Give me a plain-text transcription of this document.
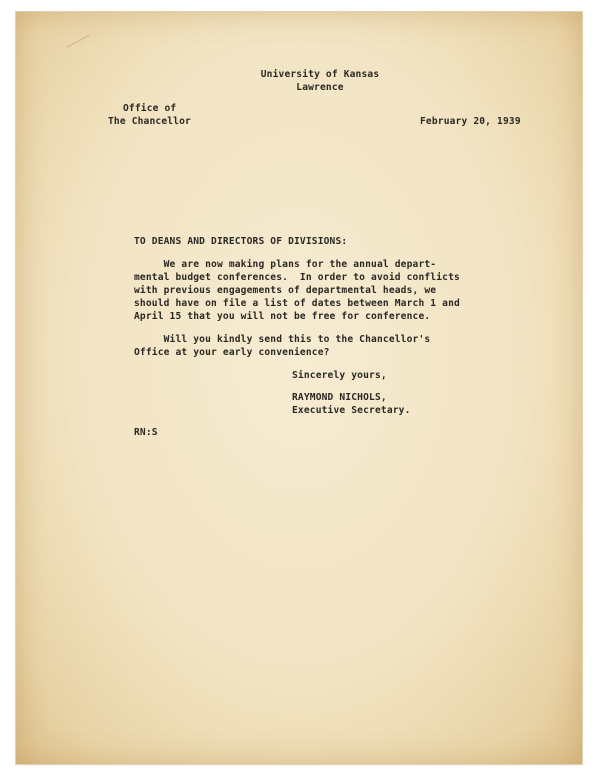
University of Kansas
Lawrence
Office of
The Chancellor	February 20, 1939
TO DEANS AND DIRECTORS OF DIVISIONS:
We are now making plans for the annual depart-
mental budget conferences.  In order to avoid conflicts
with previous engagements of departmental heads, we
should have on file a list of dates between March 1 and
April 15 that you will not be free for conference.
Will you kindly send this to the Chancellor's
Office at your early convenience?
Sincerely yours,
RAYMOND NICHOLS,
Executive Secretary.
RN:S
